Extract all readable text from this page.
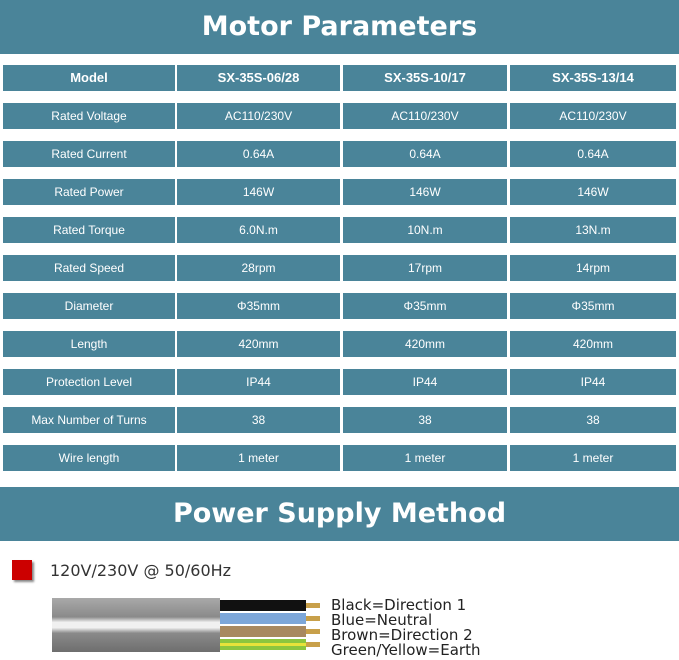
Motor Parameters
Model	SX-35S-06/28	SX-35S-10/17	SX-35S-13/14
Rated Voltage	AC110/230V	AC110/230V	AC110/230V
Rated Current	0.64A	0.64A	0.64A
Rated Power	146W	146W	146W
Rated Torque	6.0N.m	10N.m	13N.m
Rated Speed	28rpm	17rpm	14rpm
Diameter	Φ35mm	Φ35mm	Φ35mm
Length	420mm	420mm	420mm
Protection Level	IP44	IP44	IP44
Max Number of Turns	38	38	38
Wire length	1 meter	1 meter	1 meter
Power Supply Method
120V/230V @ 50/60Hz
Black=Direction 1
Blue=Neutral
Brown=Direction 2
Green/Yellow=Earth
